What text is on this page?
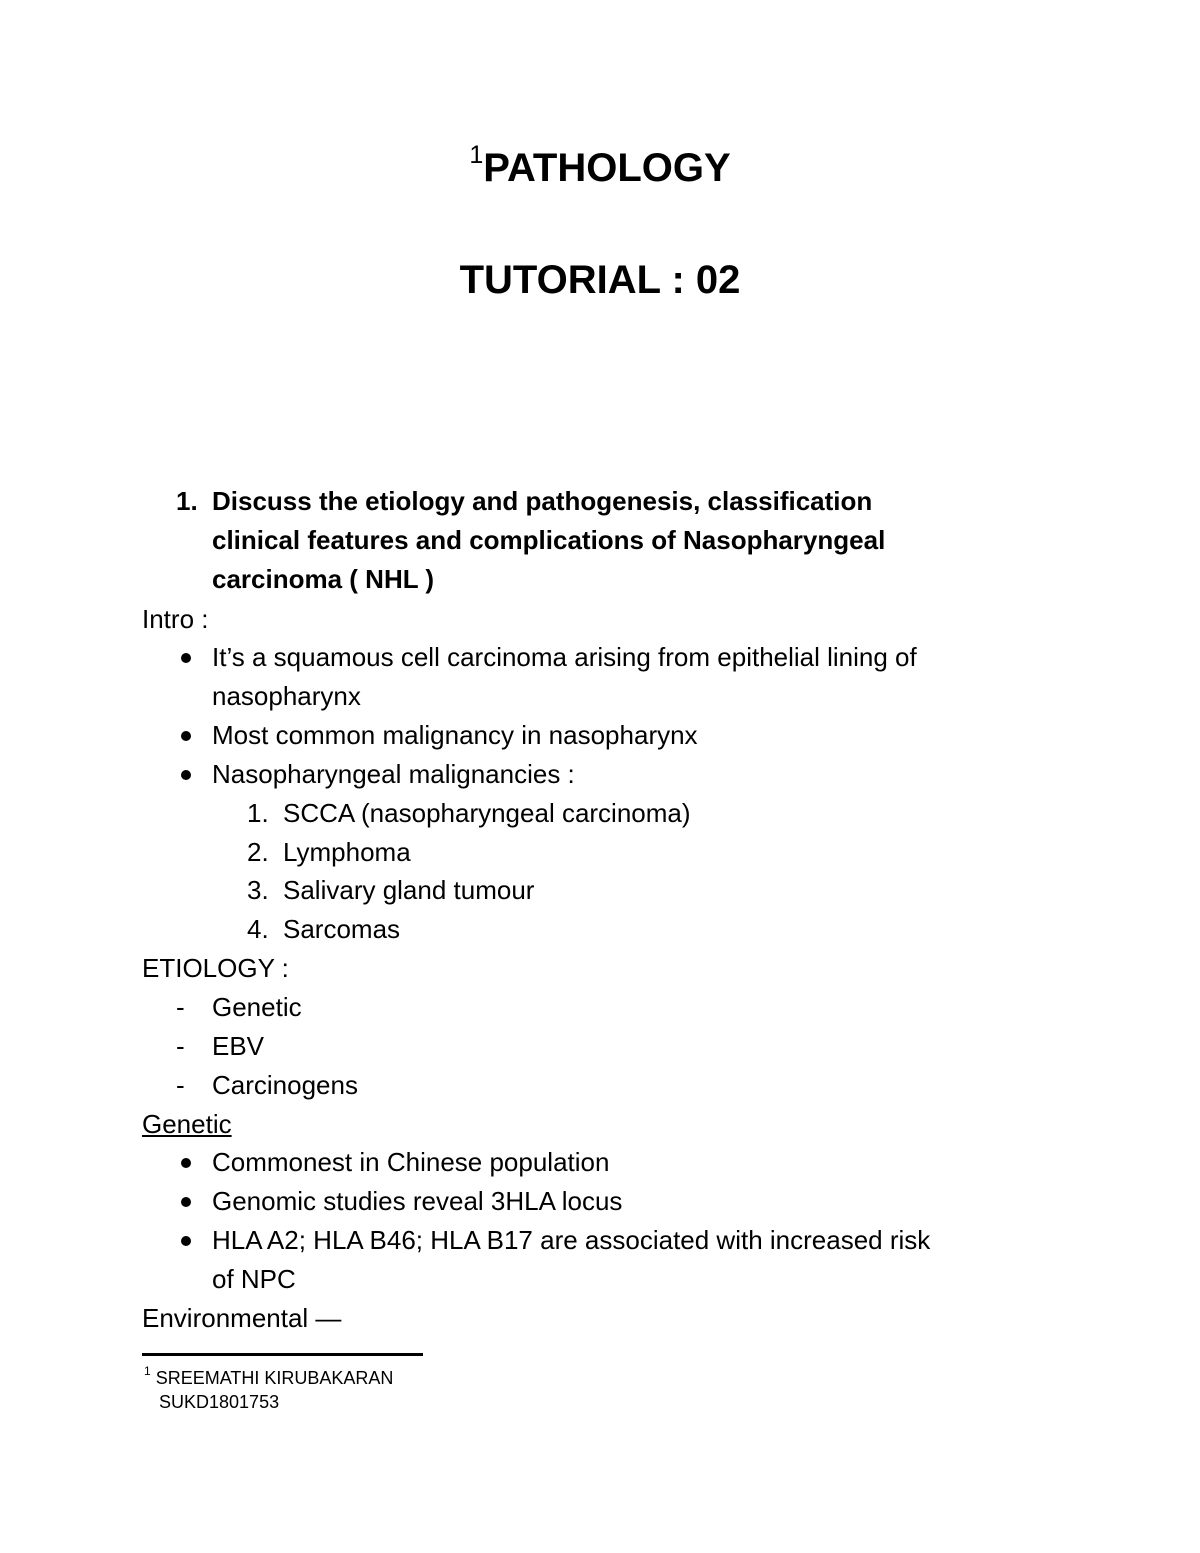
$^1$PATHOLOGY
TUTORIAL : 02
1. Discuss the etiology and pathogenesis, classification
clinical features and complications of Nasopharyngeal
carcinoma ( NHL )
Intro :
It’s a squamous cell carcinoma arising from epithelial lining of
nasopharynx
Most common malignancy in nasopharynx
Nasopharyngeal malignancies :
1. SCCA (nasopharyngeal carcinoma)
2. Lymphoma
3. Salivary gland tumour
4. Sarcomas
ETIOLOGY :
- Genetic
- EBV
- Carcinogens
Genetic
Commonest in Chinese population
Genomic studies reveal 3HLA locus
HLA A2; HLA B46; HLA B17 are associated with increased risk
of NPC
Environmental —
$^1$ SREEMATHI KIRUBAKARAN
SUKD1801753
